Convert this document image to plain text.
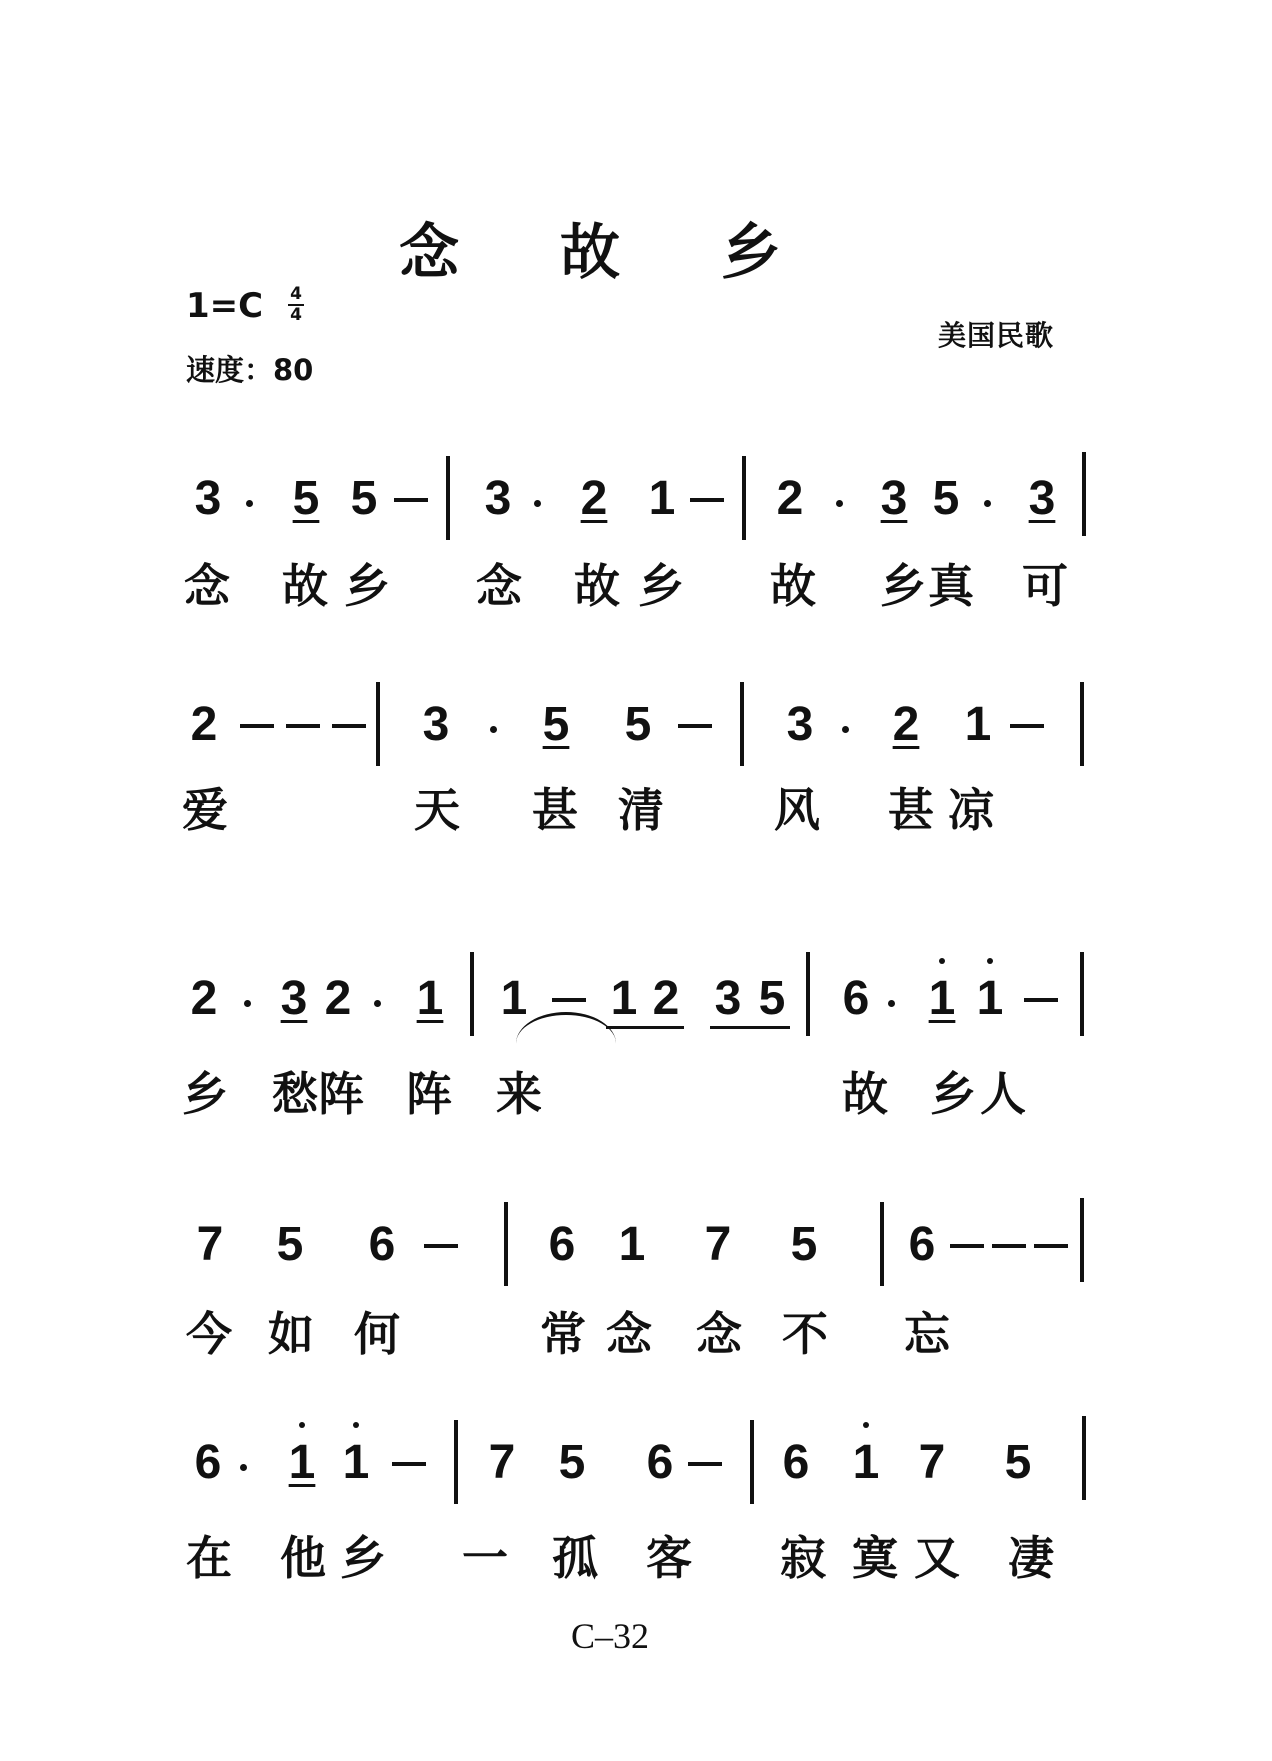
念 故 乡
1=C 4
4
速度：80
美国民歌
3 5 5 3 2 1 2 3 5 3
念 故 乡 念 故 乡 故 乡 真 可
2	3 5 5	3 2 1
爱	天 甚 清 风 甚 凉
2 3 2 1 1 1 2 3 5 6 1 1
乡 愁 阵 阵 来	故 乡 人
7 5 6	6 1 7 5 6
今 如 何	常 念 念 不 忘
6 1 1 7 5 6 6 1 7 5
在 他 乡 一 孤 客 寂 寞 又 凄
C–32
